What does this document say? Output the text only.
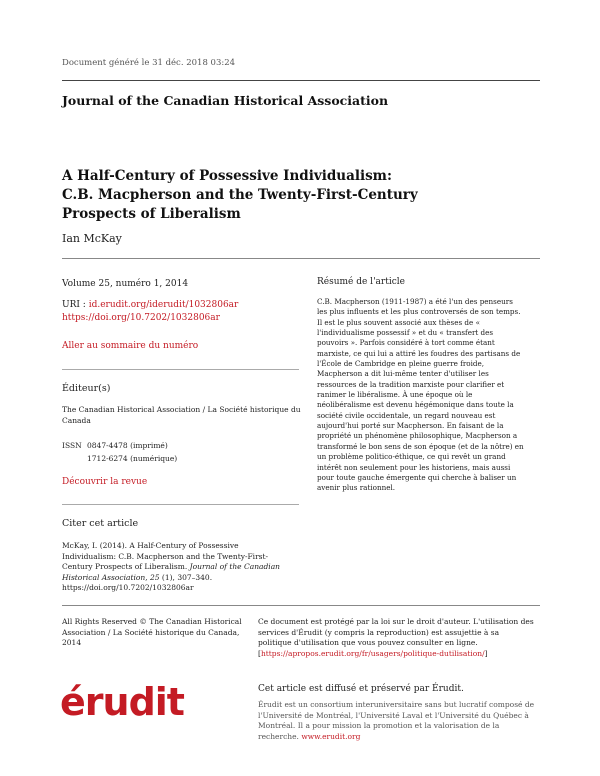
Document généré le 31 déc. 2018 03:24
Journal of the Canadian Historical Association
A Half-Century of Possessive Individualism: C.B. Macpherson and the Twenty-First-Century Prospects of Liberalism
Ian McKay
Volume 25, numéro 1, 2014
URI : id.erudit.org/iderudit/1032806ar
https://doi.org/10.7202/1032806ar
Aller au sommaire du numéro
Éditeur(s)
The Canadian Historical Association / La Société historique du Canada
ISSN 0847-4478 (imprimé)
1712-6274 (numérique)
Découvrir la revue
Citer cet article
McKay, I. (2014). A Half-Century of Possessive Individualism: C.B. Macpherson and the Twenty-First-Century Prospects of Liberalism. Journal of the Canadian Historical Association, 25 (1), 307–340. https://doi.org/10.7202/1032806ar
Résumé de l'article
C.B. Macpherson (1911-1987) a été l'un des penseurs les plus influents et les plus controversés de son temps. Il est le plus souvent associé aux thèses de « l'individualisme possessif » et du « transfert des pouvoirs ». Parfois considéré à tort comme étant marxiste, ce qui lui a attiré les foudres des partisans de l'École de Cambridge en pleine guerre froide, Macpherson a dit lui-même tenter d'utiliser les ressources de la tradition marxiste pour clarifier et ranimer le libéralisme. À une époque où le néolibéralisme est devenu hégémonique dans toute la société civile occidentale, un regard nouveau est aujourd'hui porté sur Macpherson. En faisant de la propriété un phénomène philosophique, Macpherson a transformé le bon sens de son époque (et de la nôtre) en un problème politico-éthique, ce qui revêt un grand intérêt non seulement pour les historiens, mais aussi pour toute gauche émergente qui cherche à baliser un avenir plus rationnel.
All Rights Reserved © The Canadian Historical Association / La Société historique du Canada, 2014
Ce document est protégé par la loi sur le droit d'auteur. L'utilisation des services d'Érudit (y compris la reproduction) est assujettie à sa politique d'utilisation que vous pouvez consulter en ligne. [https://apropos.erudit.org/fr/usagers/politique-dutilisation/]
érudit	Cet article est diffusé et préservé par Érudit.
Érudit est un consortium interuniversitaire sans but lucratif composé de l'Université de Montréal, l'Université Laval et l'Université du Québec à Montréal. Il a pour mission la promotion et la valorisation de la recherche. www.erudit.org
